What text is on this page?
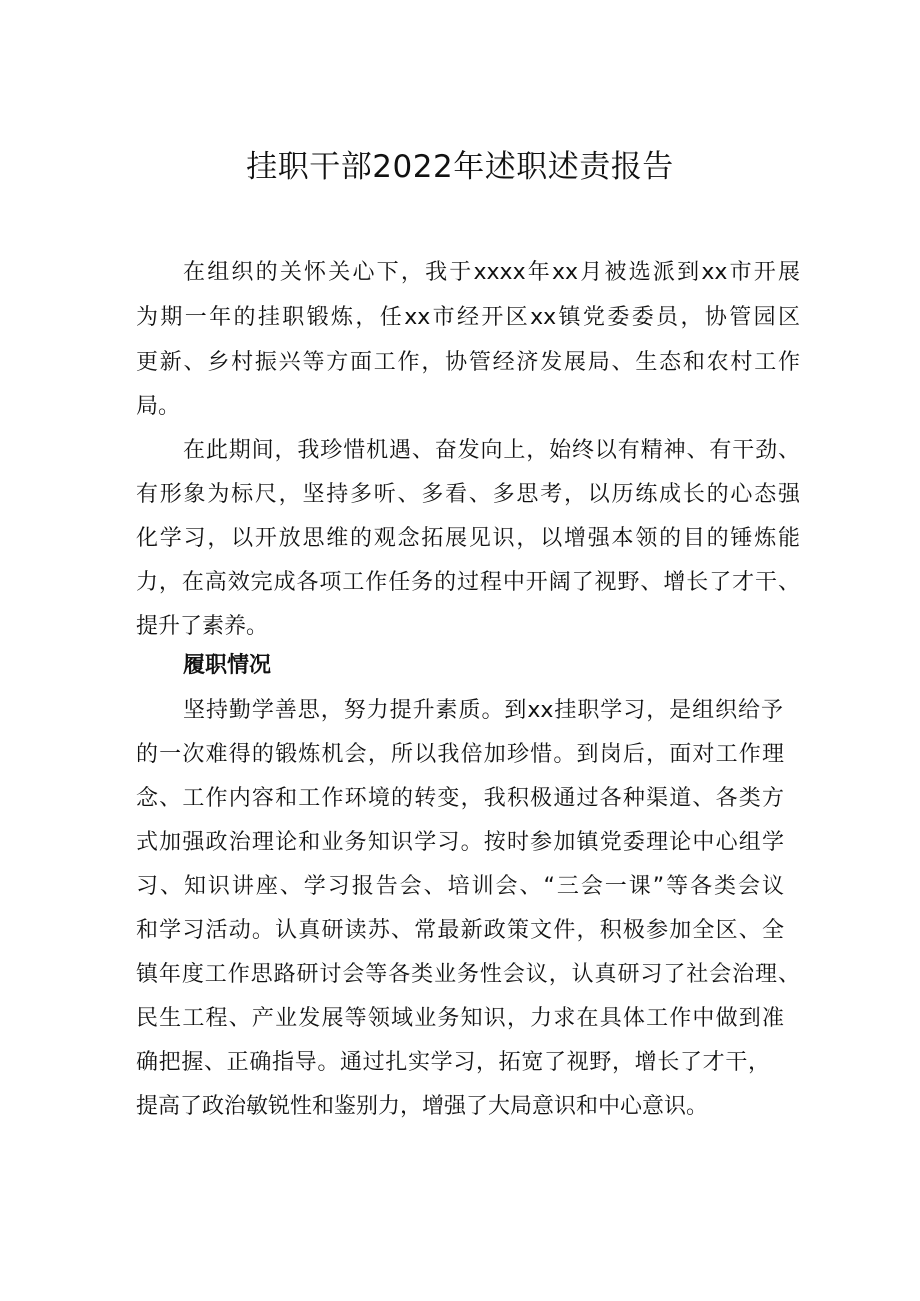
挂职干部2022年述职述责报告
在组织的关怀关心下，我于xxxx年xx月被选派到xx市开展
为期一年的挂职锻炼，任xx市经开区xx镇党委委员，协管园区
更新、乡村振兴等方面工作，协管经济发展局、生态和农村工作
局。
在此期间，我珍惜机遇、奋发向上，始终以有精神、有干劲、
有形象为标尺，坚持多听、多看、多思考，以历练成长的心态强
化学习，以开放思维的观念拓展见识，以增强本领的目的锤炼能
力，在高效完成各项工作任务的过程中开阔了视野、增长了才干、
提升了素养。
履职情况
坚持勤学善思，努力提升素质。到xx挂职学习，是组织给予
的一次难得的锻炼机会，所以我倍加珍惜。到岗后，面对工作理
念、工作内容和工作环境的转变，我积极通过各种渠道、各类方
式加强政治理论和业务知识学习。按时参加镇党委理论中心组学
习、知识讲座、学习报告会、培训会、“三会一课”等各类会议
和学习活动。认真研读苏、常最新政策文件，积极参加全区、全
镇年度工作思路研讨会等各类业务性会议，认真研习了社会治理、
民生工程、产业发展等领域业务知识，力求在具体工作中做到准
确把握、正确指导。通过扎实学习，拓宽了视野，增长了才干，
提高了政治敏锐性和鉴别力，增强了大局意识和中心意识。
